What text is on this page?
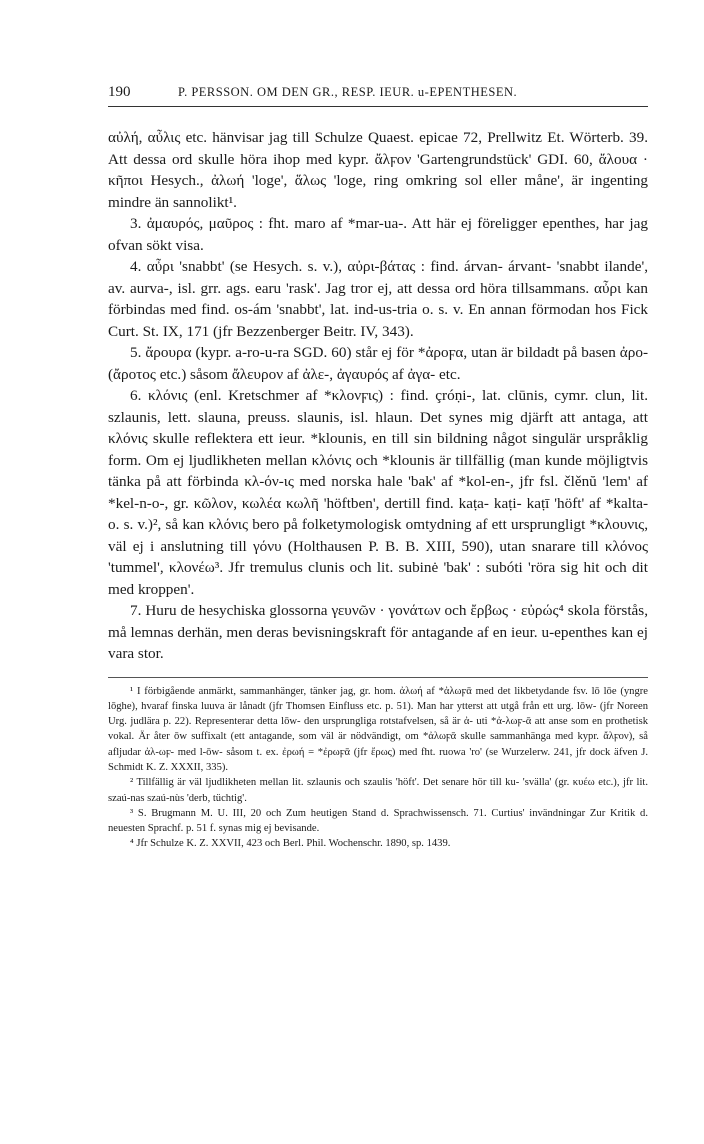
190	P. PERSSON. OM DEN GR., RESP. IEUR. u-EPENTHESEN.

αὐλή, αὖλις etc. hänvisar jag till Schulze Quaest. epicae 72, Prellwitz Et. Wörterb. 39. Att dessa ord skulle höra ihop med kypr. ἄλϝον 'Gartengrundstück' GDI. 60, ἄλουα · κῆποι Hesych., ἀλωή 'loge', ἅλως 'loge, ring omkring sol eller måne', är ingenting mindre än sannolikt¹.

3. ἀμαυρός, μαῦρος : fht. maro af *mar-ua-. Att här ej föreligger epenthes, har jag ofvan sökt visa.

4. αὖρι 'snabbt' (se Hesych. s. v.), αὐρι-βάτας : find. árvan- árvant- 'snabbt ilande', av. aurva-, isl. grr. ags. earu 'rask'. Jag tror ej, att dessa ord höra tillsammans. αὖρι kan förbindas med find. os-ám 'snabbt', lat. ind-us-tria o. s. v. En annan förmodan hos Fick Curt. St. IX, 171 (jfr Bezzenberger Beitr. IV, 343).

5. ἄρουρα (kypr. a-ro-u-ra SGD. 60) står ej för *ἀροϝα, utan är bildadt på basen ἀρο- (ἄροτος etc.) såsom ἄλευρον af ἀλε-, ἀγαυρός af ἀγα- etc.

6. κλόνις (enl. Kretschmer af *κλονϝις) : find. çróṇi-, lat. clūnis, cymr. clun, lit. szlaunis, lett. slauna, preuss. slaunis, isl. hlaun. Det synes mig djärft att antaga, att κλόνις skulle reflektera ett ieur. *klounis, en till sin bildning något singulär urspråklig form. Om ej ljudlikheten mellan κλόνις och *klounis är tillfällig (man kunde möjligtvis tänka på att förbinda κλ-όν-ις med norska hale 'bak' af *kol-en-, jfr fsl. člěnŭ 'lem' af *kel-n-o-, gr. κῶλον, κωλέα κωλῆ 'höftben', dertill find. kaṭa- kaṭi- kaṭī 'höft' af *kalta- o. s. v.)², så kan κλόνις bero på folketymologisk omtydning af ett ursprungligt *κλουνις, väl ej i anslutning till γόνυ (Holthausen P. B. B. XIII, 590), utan snarare till κλόνος 'tummel', κλονέω³. Jfr tremulus clunis och lit. subinė 'bak' : subóti 'röra sig hit och dit med kroppen'.

7. Huru de hesychiska glossorna γευνῶν · γονάτων och ἔρβως · εὐρώς⁴ skola förstås, må lemnas derhän, men deras bevisningskraft för antagande af en ieur. u-epenthes kan ej vara stor.

¹ I förbigående anmärkt, sammanhänger, tänker jag, gr. hom. ἀλωή af *ἀλωϝᾱ med det likbetydande fsv. lō lōe (yngre lōghe), hvaraf finska luuva är lånadt (jfr Thomsen Einfluss etc. p. 51). Man har ytterst att utgå från ett urg. lōw- (jfr Noreen Urg. judlära p. 22). Representerar detta lōw- den ursprungliga rotstafvelsen, så är ἀ- uti *ἀ-λωϝ-ᾱ att anse som en prothetisk vokal. Är åter ōw suffixalt (ett antagande, som väl är nödvändigt, om *ἀλωϝᾱ skulle sammanhänga med kypr. ἄλϝον), så afljudar ἀλ-ωϝ- med l-ōw- såsom t. ex. ἐρωή = *ἐρωϝᾱ (jfr ἔρως) med fht. ruowa 'ro' (se Wurzelerw. 241, jfr dock äfven J. Schmidt K. Z. XXXII, 335).

² Tillfällig är väl ljudlikheten mellan lit. szlaunis och szaulis 'höft'. Det senare hör till ku- 'svälla' (gr. κυέω etc.), jfr lit. szaú-nas szaú-nùs 'derb, tüchtig'.

³ S. Brugmann M. U. III, 20 och Zum heutigen Stand d. Sprachwissensch. 71. Curtius' invändningar Zur Kritik d. neuesten Sprachf. p. 51 f. synas mig ej bevisande.

⁴ Jfr Schulze K. Z. XXVII, 423 och Berl. Phil. Wochenschr. 1890, sp. 1439.
